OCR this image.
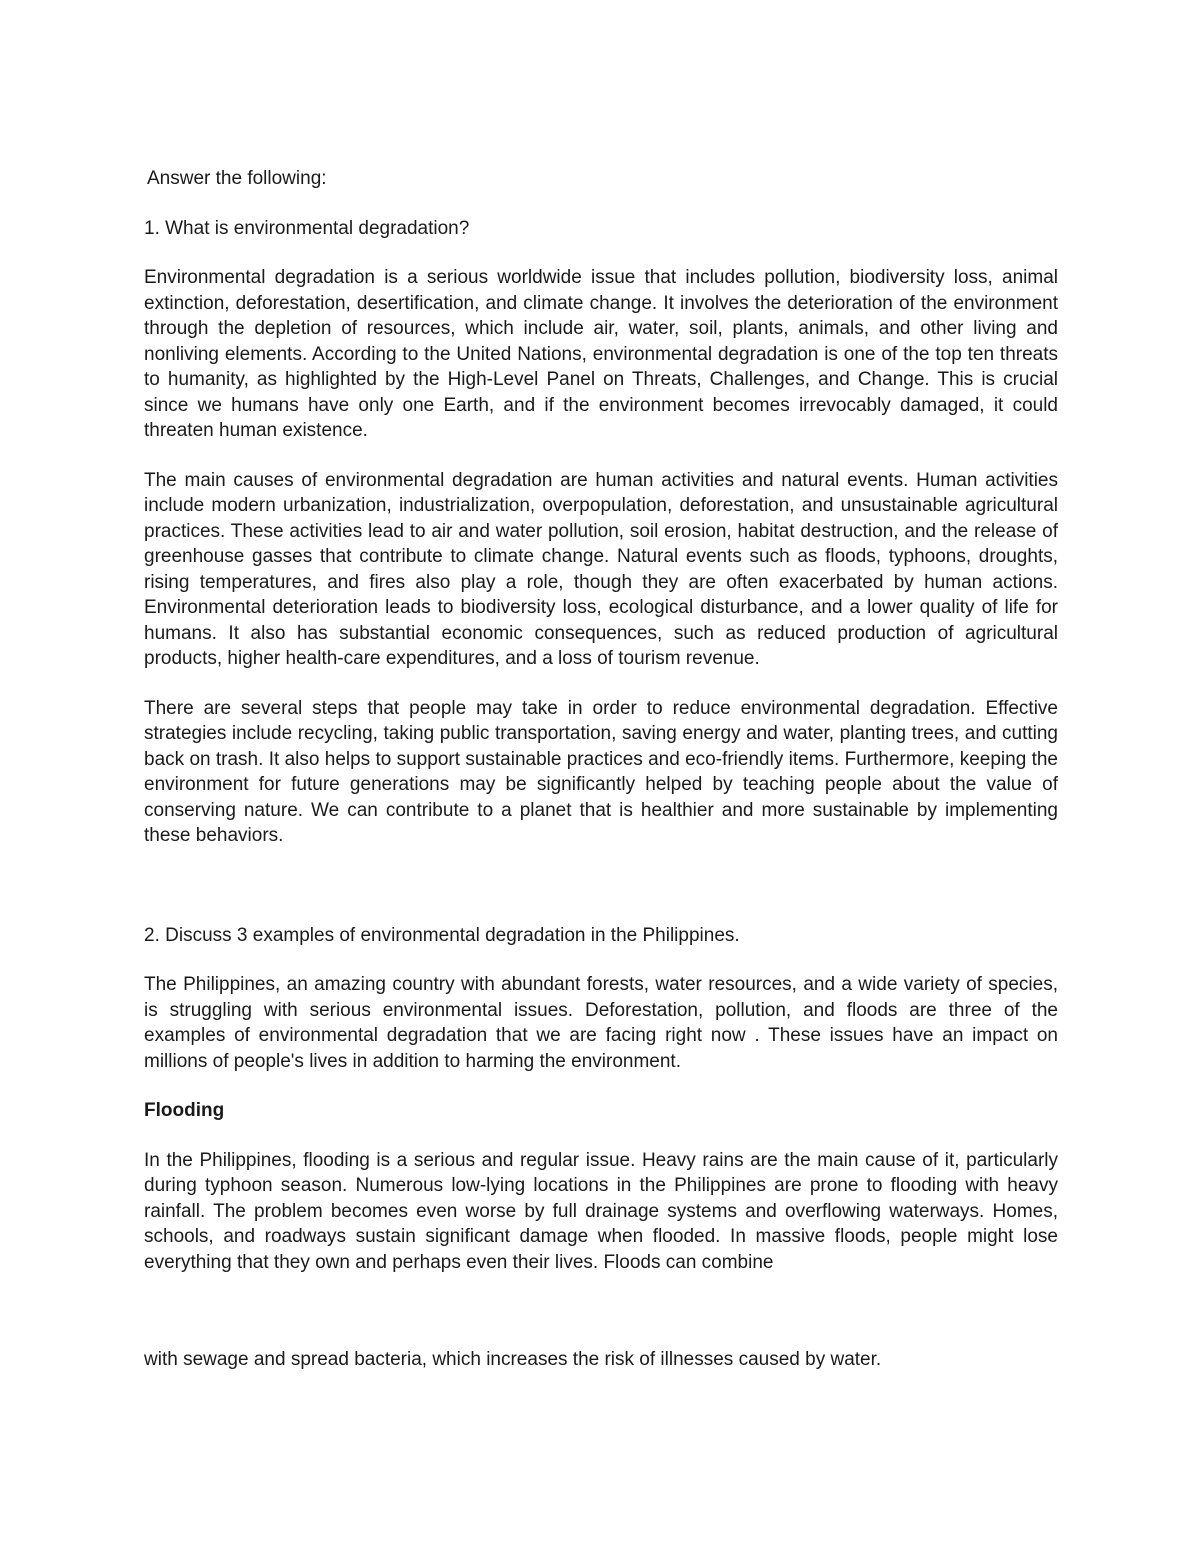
Answer the following:

1. What is environmental degradation?

Environmental degradation is a serious worldwide issue that includes pollution, biodiversity loss, animal extinction, deforestation, desertification, and climate change. It involves the deterioration of the environment through the depletion of resources, which include air, water, soil, plants, animals, and other living and nonliving elements. According to the United Nations, environmental degradation is one of the top ten threats to humanity, as highlighted by the High-Level Panel on Threats, Challenges, and Change. This is crucial since we humans have only one Earth, and if the environment becomes irrevocably damaged, it could threaten human existence.

The main causes of environmental degradation are human activities and natural events. Human activities include modern urbanization, industrialization, overpopulation, deforestation, and unsustainable agricultural practices. These activities lead to air and water pollution, soil erosion, habitat destruction, and the release of greenhouse gasses that contribute to climate change. Natural events such as floods, typhoons, droughts, rising temperatures, and fires also play a role, though they are often exacerbated by human actions. Environmental deterioration leads to biodiversity loss, ecological disturbance, and a lower quality of life for humans. It also has substantial economic consequences, such as reduced production of agricultural products, higher health-care expenditures, and a loss of tourism revenue.

There are several steps that people may take in order to reduce environmental degradation. Effective strategies include recycling, taking public transportation, saving energy and water, planting trees, and cutting back on trash. It also helps to support sustainable practices and eco-friendly items. Furthermore, keeping the environment for future generations may be significantly helped by teaching people about the value of conserving nature. We can contribute to a planet that is healthier and more sustainable by implementing these behaviors.

2. Discuss 3 examples of environmental degradation in the Philippines.

The Philippines, an amazing country with abundant forests, water resources, and a wide variety of species, is struggling with serious environmental issues. Deforestation, pollution, and floods are three of the examples of environmental degradation that we are facing right now . These issues have an impact on millions of people's lives in addition to harming the environment.

Flooding

In the Philippines, flooding is a serious and regular issue. Heavy rains are the main cause of it, particularly during typhoon season. Numerous low-lying locations in the Philippines are prone to flooding with heavy rainfall. The problem becomes even worse by full drainage systems and overflowing waterways. Homes, schools, and roadways sustain significant damage when flooded. In massive floods, people might lose everything that they own and perhaps even their lives. Floods can combine

with sewage and spread bacteria, which increases the risk of illnesses caused by water.
